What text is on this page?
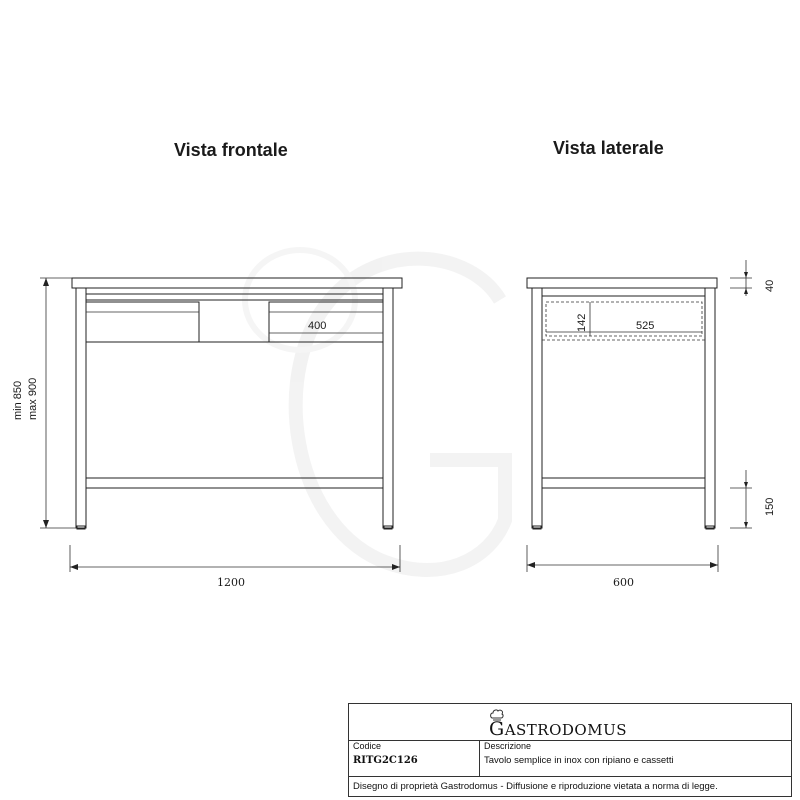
400
min 850 max 900
1200
142	525
40
150
600
Vista frontale	Vista laterale
GASTRODOMUS
Codice
RITG2C126
Descrizione
Tavolo semplice in inox con ripiano e cassetti
Disegno di proprietà Gastrodomus - Diffusione e riproduzione vietata a norma di legge.
